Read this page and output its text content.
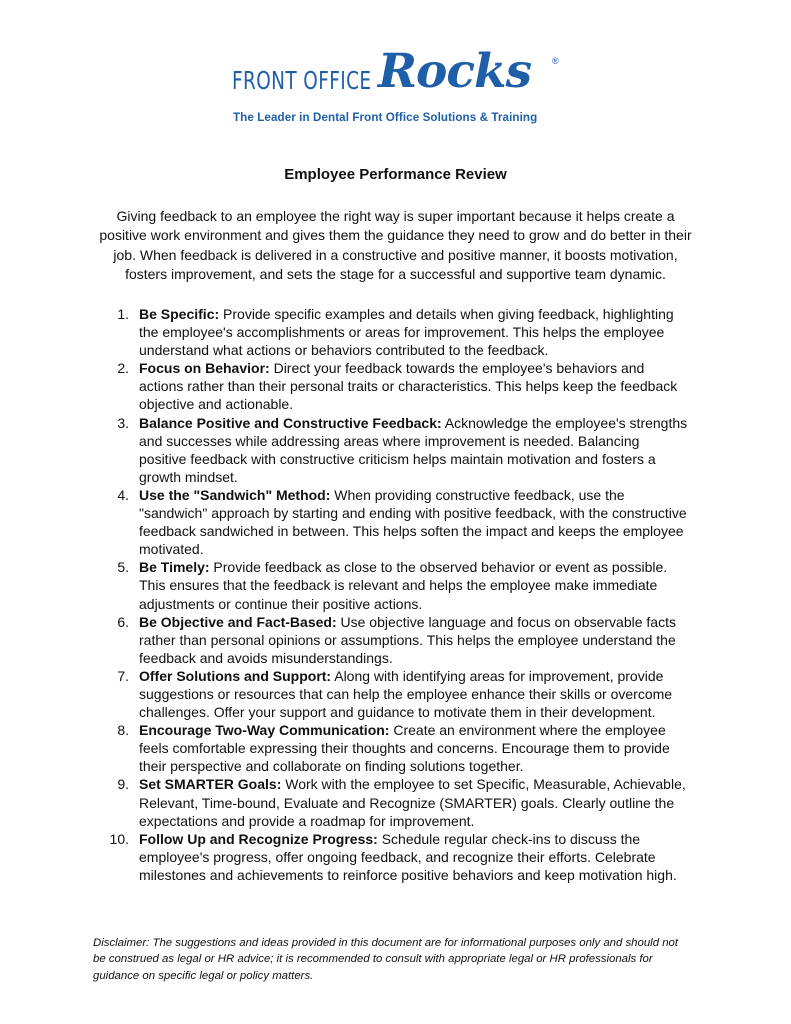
FRONT OFFICE Rocks ®
The Leader in Dental Front Office Solutions & Training
Employee Performance Review
Giving feedback to an employee the right way is super important because it helps create a
positive work environment and gives them the guidance they need to grow and do better in their
job. When feedback is delivered in a constructive and positive manner, it boosts motivation,
fosters improvement, and sets the stage for a successful and supportive team dynamic.
1. Be Specific: Provide specific examples and details when giving feedback, highlighting
the employee's accomplishments or areas for improvement. This helps the employee
understand what actions or behaviors contributed to the feedback.
2. Focus on Behavior: Direct your feedback towards the employee's behaviors and
actions rather than their personal traits or characteristics. This helps keep the feedback
objective and actionable.
3. Balance Positive and Constructive Feedback: Acknowledge the employee's strengths
and successes while addressing areas where improvement is needed. Balancing
positive feedback with constructive criticism helps maintain motivation and fosters a
growth mindset.
4. Use the "Sandwich" Method: When providing constructive feedback, use the
"sandwich" approach by starting and ending with positive feedback, with the constructive
feedback sandwiched in between. This helps soften the impact and keeps the employee
motivated.
5. Be Timely: Provide feedback as close to the observed behavior or event as possible.
This ensures that the feedback is relevant and helps the employee make immediate
adjustments or continue their positive actions.
6. Be Objective and Fact-Based: Use objective language and focus on observable facts
rather than personal opinions or assumptions. This helps the employee understand the
feedback and avoids misunderstandings.
7. Offer Solutions and Support: Along with identifying areas for improvement, provide
suggestions or resources that can help the employee enhance their skills or overcome
challenges. Offer your support and guidance to motivate them in their development.
8. Encourage Two-Way Communication: Create an environment where the employee
feels comfortable expressing their thoughts and concerns. Encourage them to provide
their perspective and collaborate on finding solutions together.
9. Set SMARTER Goals: Work with the employee to set Specific, Measurable, Achievable,
Relevant, Time-bound, Evaluate and Recognize (SMARTER) goals. Clearly outline the
expectations and provide a roadmap for improvement.
10. Follow Up and Recognize Progress: Schedule regular check-ins to discuss the
employee's progress, offer ongoing feedback, and recognize their efforts. Celebrate
milestones and achievements to reinforce positive behaviors and keep motivation high.
Disclaimer: The suggestions and ideas provided in this document are for informational purposes only and should not
be construed as legal or HR advice; it is recommended to consult with appropriate legal or HR professionals for
guidance on specific legal or policy matters.
